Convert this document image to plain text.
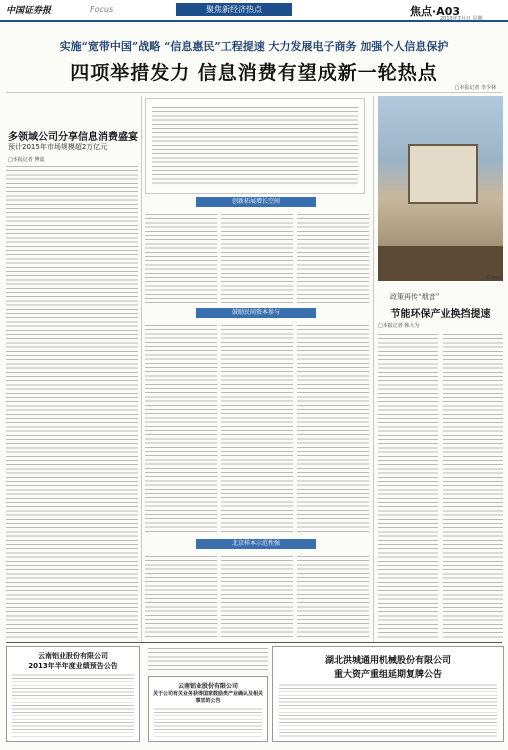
中国证券报	Focus	聚焦新经济热点	焦点·A03
2013年7月日 星期
实施“宽带中国”战略 “信息惠民”工程提速 大力发展电子商务 加强个人信息保护
四项举措发力 信息消费有望成新一轮热点
□本报记者 李少林
多领域公司分享信息消费盛宴
预计2015年市场规模超2万亿元
□本报记者 傅嘉
创新拓展增长空间
鼓励民间资本参与
北京样本示范性强
CFP供图
政策再传“烟音”
节能环保产业换挡提速
□本报记者 韩大为
云南铝业股份有限公司
2013年半年度业绩预告公告
云南铝业股份有限公司
关于公司有关业务获得国家鼓励类产业确认及相关事宜的公告
湖北洪城通用机械股份有限公司
重大资产重组延期复牌公告
